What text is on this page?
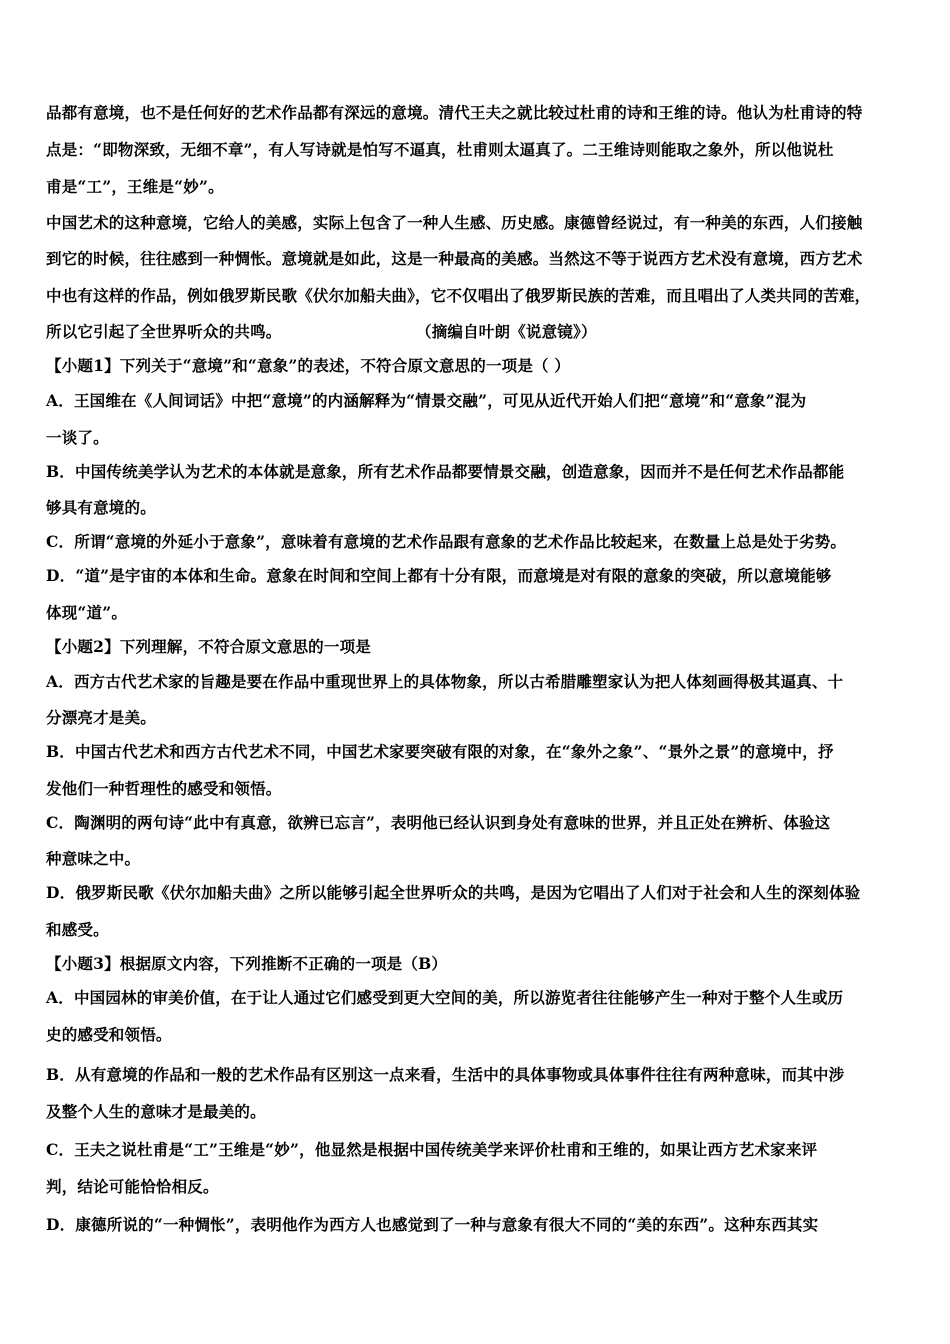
品都有意境，也不是任何好的艺术作品都有深远的意境。清代王夫之就比较过杜甫的诗和王维的诗。他认为杜甫诗的特
点是：“即物深致，无细不章”，有人写诗就是怕写不逼真，杜甫则太逼真了。二王维诗则能取之象外，所以他说杜
甫是“工”，王维是“妙”。
中国艺术的这种意境，它给人的美感，实际上包含了一种人生感、历史感。康德曾经说过，有一种美的东西，人们接触
到它的时候，往往感到一种惆怅。意境就是如此，这是一种最高的美感。当然这不等于说西方艺术没有意境，西方艺术
中也有这样的作品，例如俄罗斯民歌《伏尔加船夫曲》，它不仅唱出了俄罗斯民族的苦难，而且唱出了人类共同的苦难，
所以它引起了全世界听众的共鸣。	（摘编自叶朗《说意镜》）
【小题1】下列关于“意境”和“意象”的表述，不符合原文意思的一项是（ ）
A．王国维在《人间词话》中把“意境”的内涵解释为“情景交融”，可见从近代开始人们把“意境”和“意象”混为
一谈了。
B．中国传统美学认为艺术的本体就是意象，所有艺术作品都要情景交融，创造意象，因而并不是任何艺术作品都能
够具有意境的。
C．所谓“意境的外延小于意象”，意味着有意境的艺术作品跟有意象的艺术作品比较起来，在数量上总是处于劣势。
D．“道”是宇宙的本体和生命。意象在时间和空间上都有十分有限，而意境是对有限的意象的突破，所以意境能够
体现“道”。
【小题2】下列理解，不符合原文意思的一项是
A．西方古代艺术家的旨趣是要在作品中重现世界上的具体物象，所以古希腊雕塑家认为把人体刻画得极其逼真、十
分漂亮才是美。
B．中国古代艺术和西方古代艺术不同，中国艺术家要突破有限的对象，在“象外之象”、“景外之景”的意境中，抒
发他们一种哲理性的感受和领悟。
C．陶渊明的两句诗“此中有真意，欲辨已忘言”，表明他已经认识到身处有意味的世界，并且正处在辨析、体验这
种意味之中。
D．俄罗斯民歌《伏尔加船夫曲》之所以能够引起全世界听众的共鸣，是因为它唱出了人们对于社会和人生的深刻体验
和感受。
【小题3】根据原文内容，下列推断不正确的一项是（B）
A．中国园林的审美价值，在于让人通过它们感受到更大空间的美，所以游览者往往能够产生一种对于整个人生或历
史的感受和领悟。
B．从有意境的作品和一般的艺术作品有区别这一点来看，生活中的具体事物或具体事件往往有两种意味，而其中涉
及整个人生的意味才是最美的。
C．王夫之说杜甫是“工”王维是“妙”，他显然是根据中国传统美学来评价杜甫和王维的，如果让西方艺术家来评
判，结论可能恰恰相反。
D．康德所说的“一种惆怅”，表明他作为西方人也感觉到了一种与意象有很大不同的“美的东西”。这种东西其实
